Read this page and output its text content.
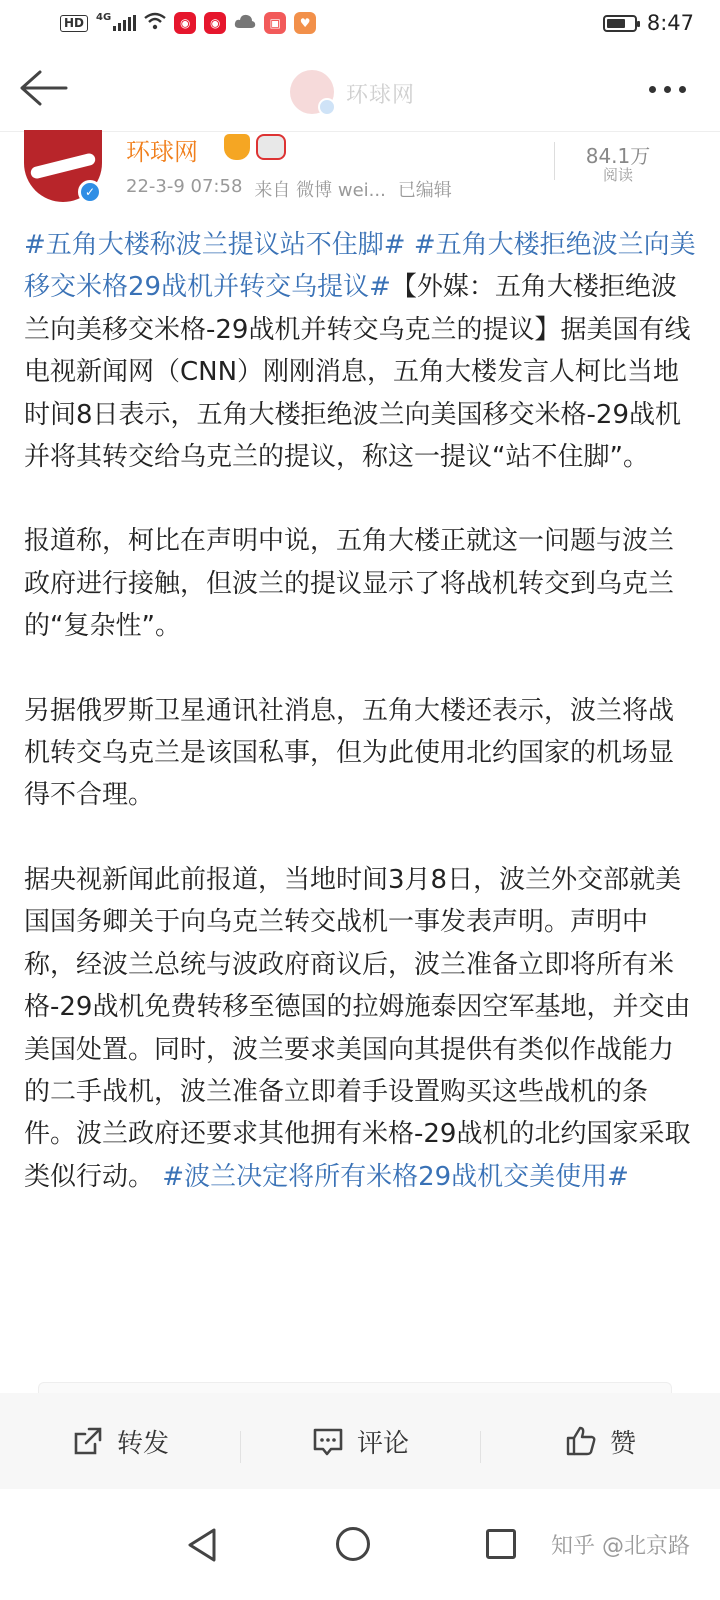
HD	4G	◉	◉	▣	♥	8:47
环球网
✓
环球网
22-3-9 07:58 来自 微博 wei... 已编辑
84.1万
阅读

#五角大楼称波兰提议站不住脚# #五角大楼拒绝波兰向美移交米格29战机并转交乌提议#【外媒：五角大楼拒绝波兰向美移交米格-29战机并转交乌克兰的提议】据美国有线电视新闻网（CNN）刚刚消息，五角大楼发言人柯比当地时间8日表示，五角大楼拒绝波兰向美国移交米格-29战机并将其转交给乌克兰的提议，称这一提议“站不住脚”。

报道称，柯比在声明中说，五角大楼正就这一问题与波兰政府进行接触，但波兰的提议显示了将战机转交到乌克兰的“复杂性”。

另据俄罗斯卫星通讯社消息，五角大楼还表示，波兰将战机转交乌克兰是该国私事，但为此使用北约国家的机场显得不合理。

据央视新闻此前报道，当地时间3月8日，波兰外交部就美国国务卿关于向乌克兰转交战机一事发表声明。声明中称，经波兰总统与波政府商议后，波兰准备立即将所有米格-29战机免费转移至德国的拉姆施泰因空军基地，并交由美国处置。同时，波兰要求美国向其提供有类似作战能力的二手战机，波兰准备立即着手设置购买这些战机的条件。波兰政府还要求其他拥有米格-29战机的北约国家采取类似行动。 #波兰决定将所有米格29战机交美使用#

转发	评论	赞
知乎 @北京路
